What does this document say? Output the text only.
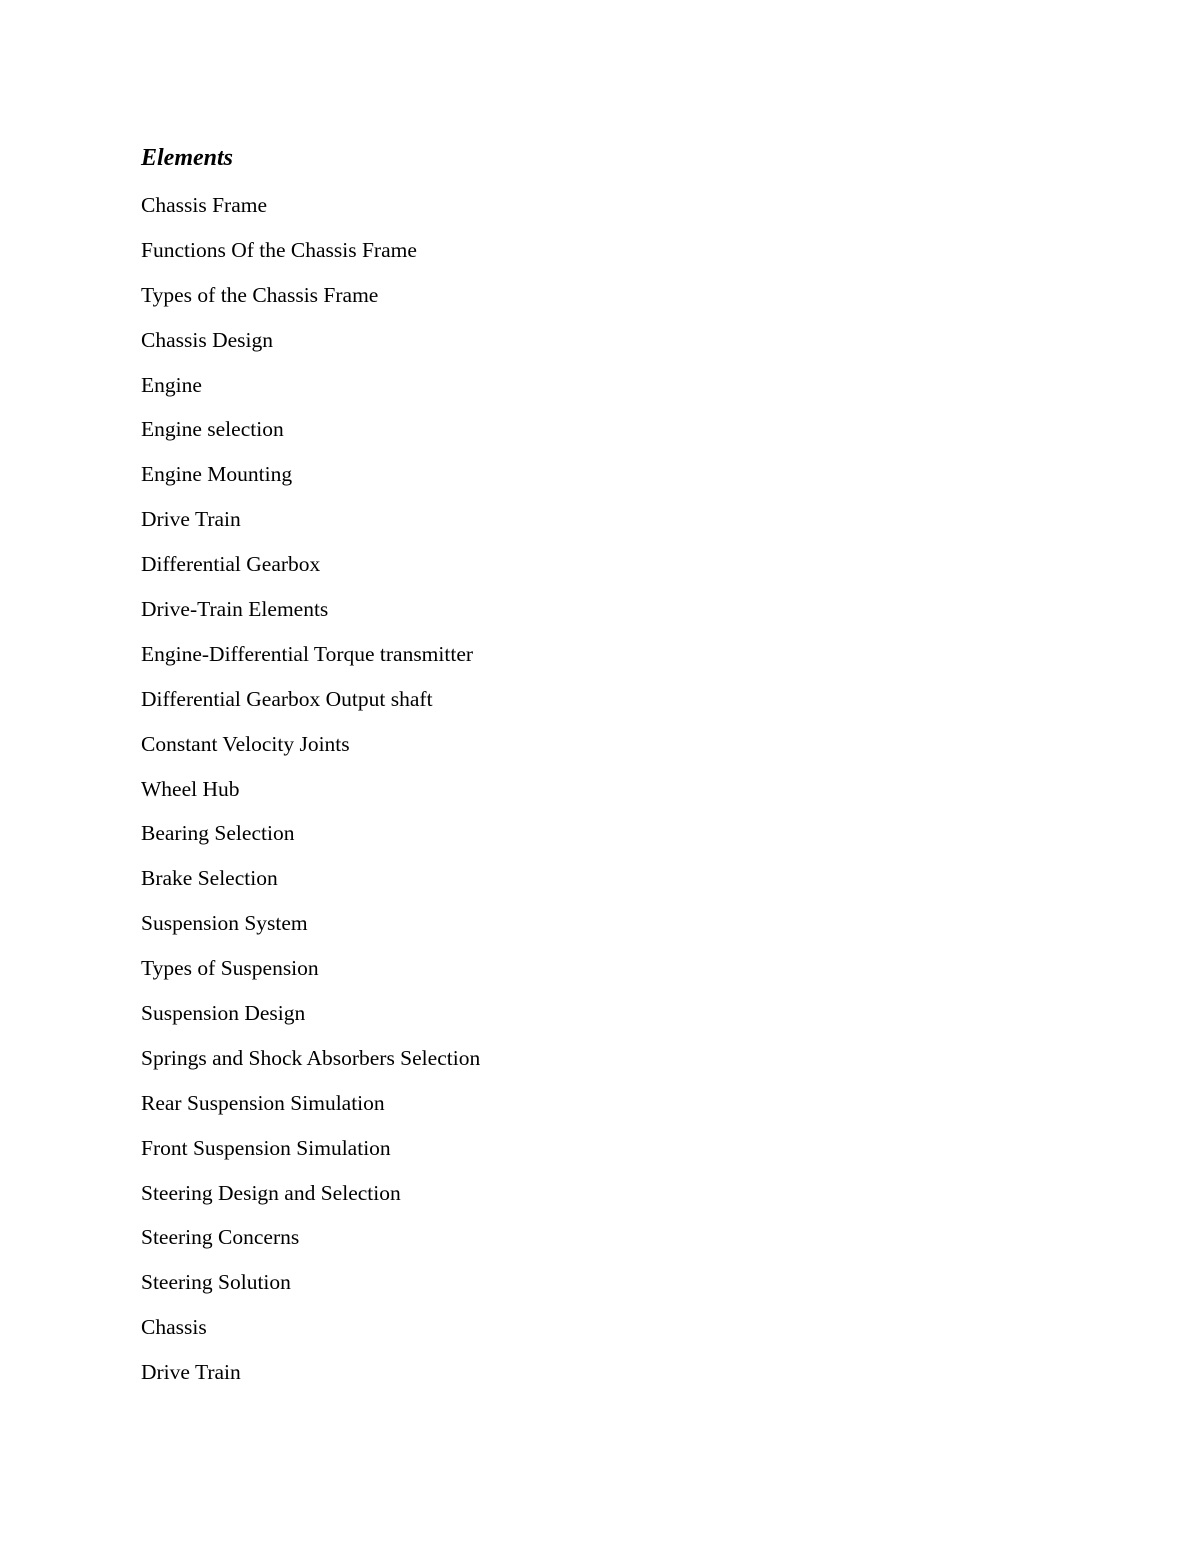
Elements
Chassis Frame
Functions Of the Chassis Frame
Types of the Chassis Frame
Chassis Design
Engine
Engine selection
Engine Mounting
Drive Train
Differential Gearbox
Drive-Train Elements
Engine-Differential Torque transmitter
Differential Gearbox Output shaft
Constant Velocity Joints
Wheel Hub
Bearing Selection
Brake Selection
Suspension System
Types of Suspension
Suspension Design
Springs and Shock Absorbers Selection
Rear Suspension Simulation
Front Suspension Simulation
Steering Design and Selection
Steering Concerns
Steering Solution
Chassis
Drive Train
